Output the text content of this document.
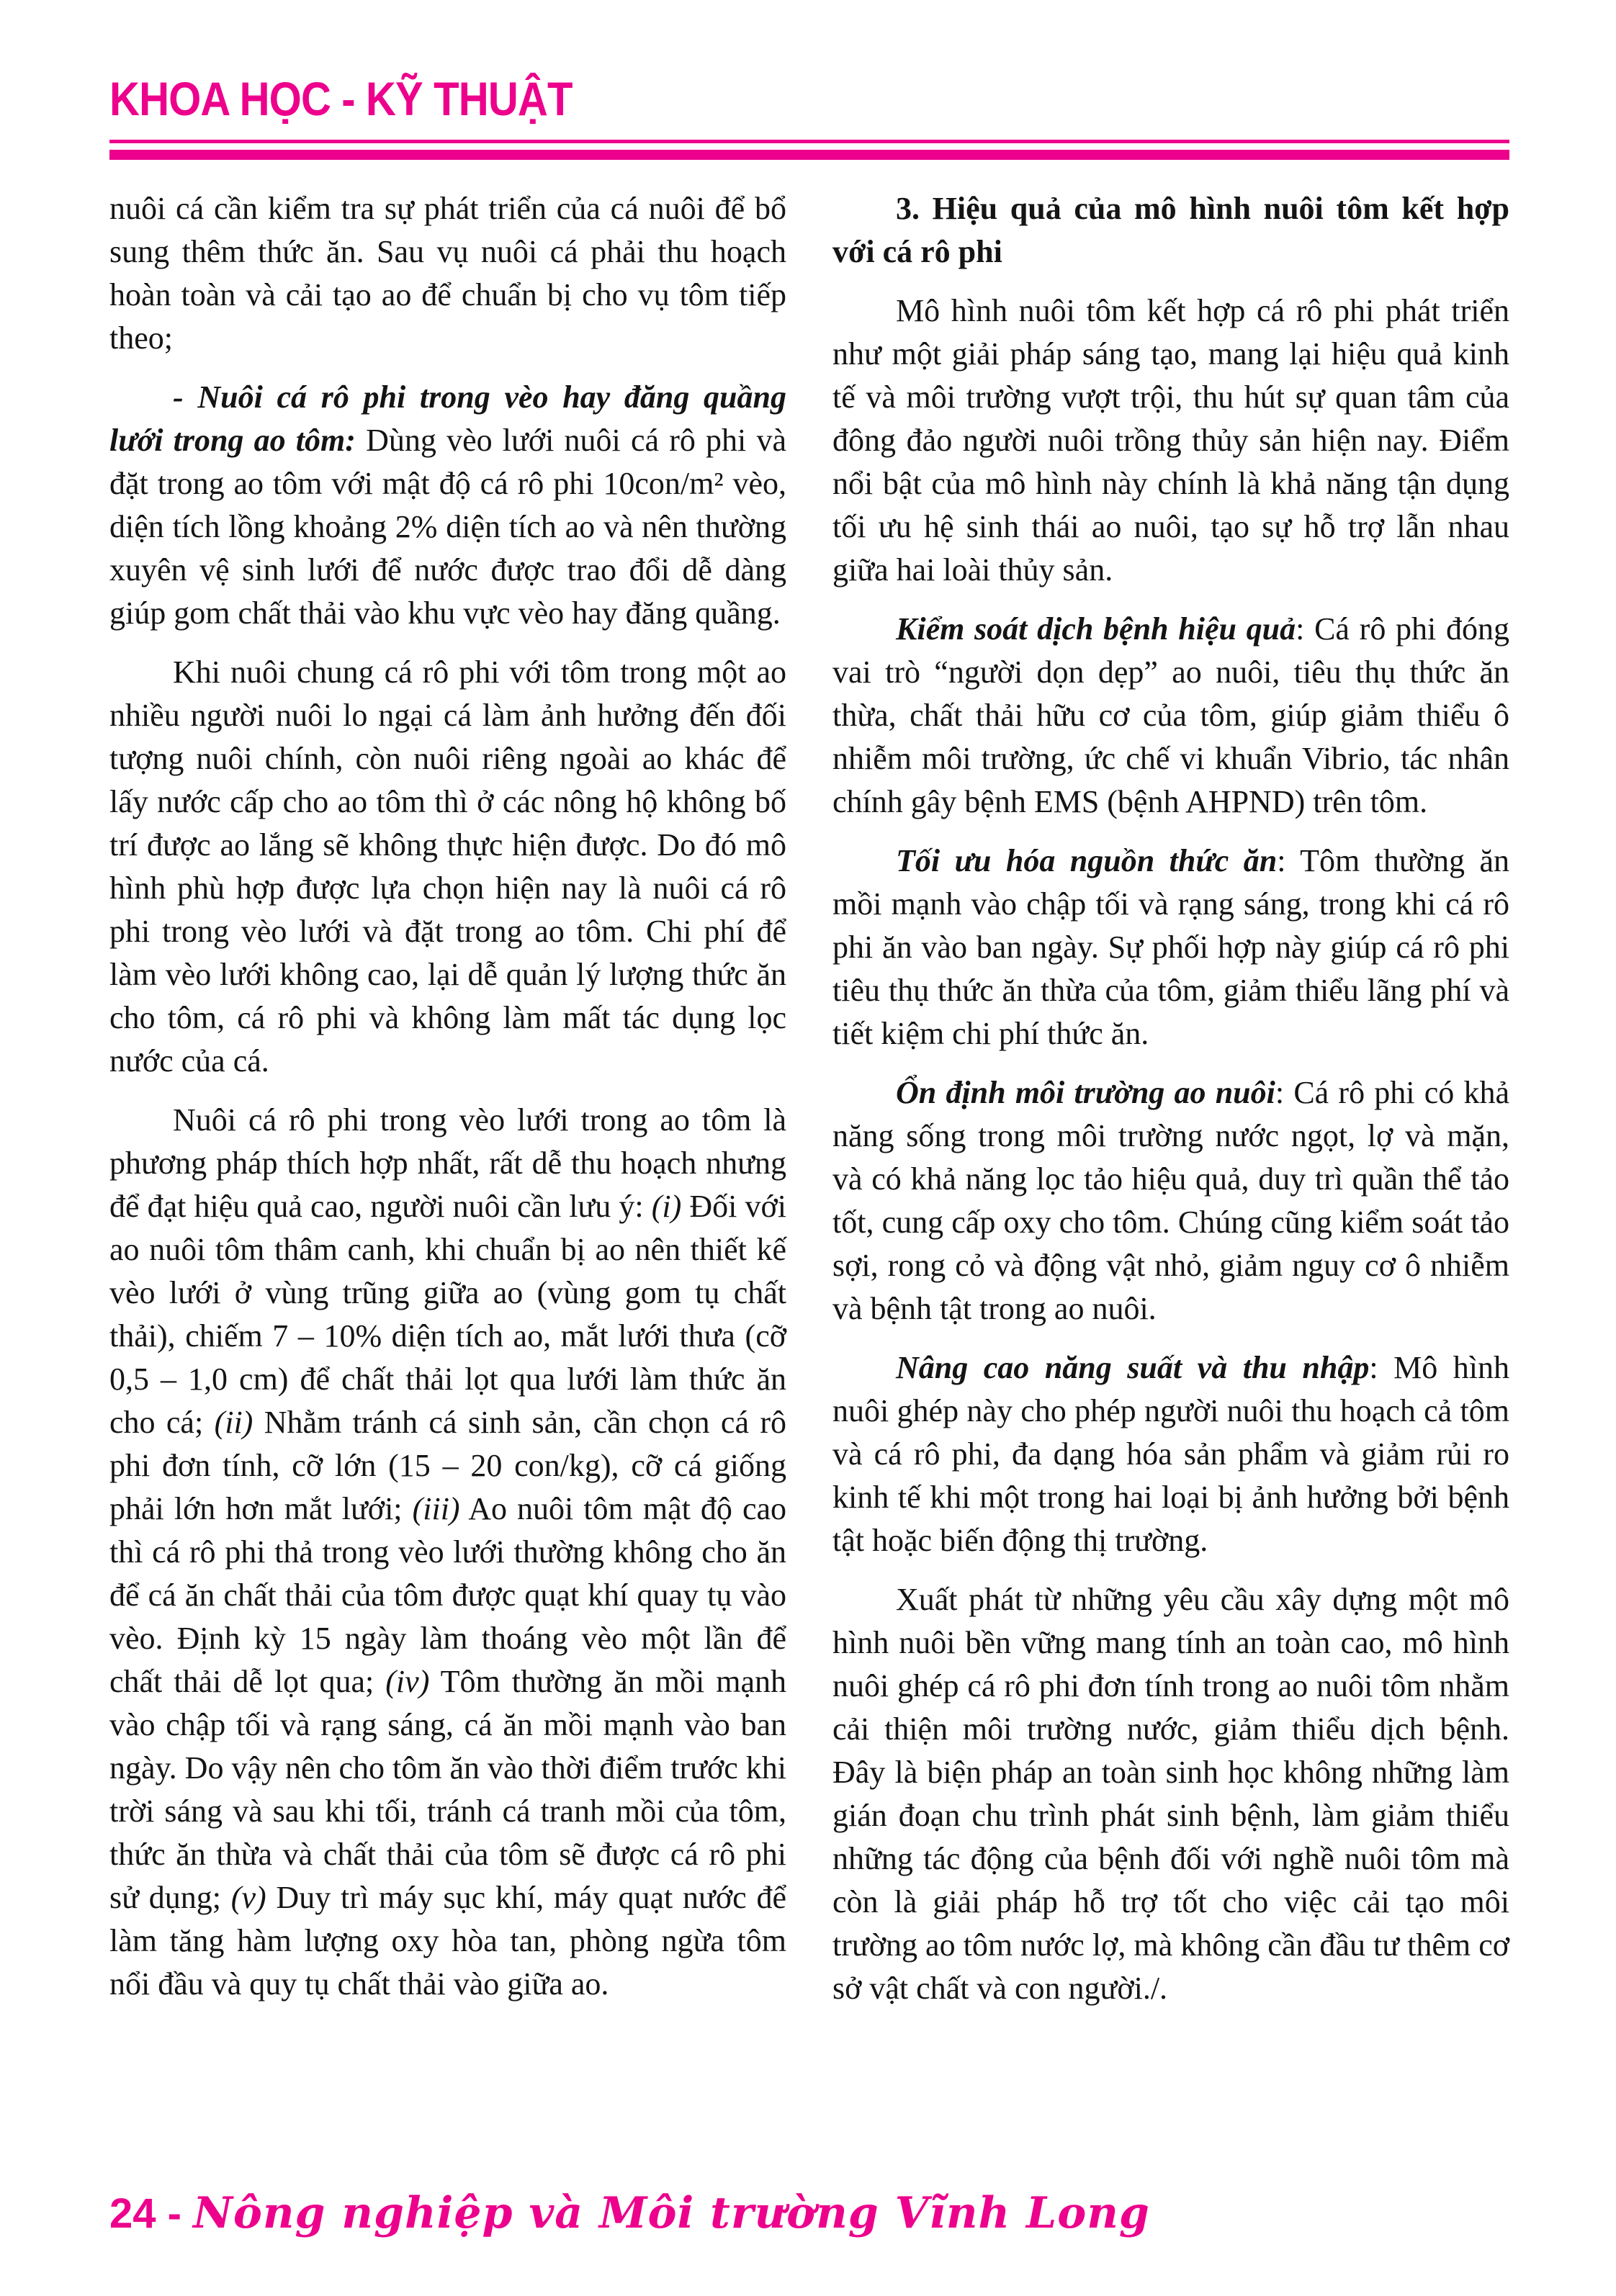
KHOA HỌC - KỸ THUẬT

nuôi cá cần kiểm tra sự phát triển của cá nuôi để bổ sung thêm thức ăn. Sau vụ nuôi cá phải thu hoạch hoàn toàn và cải tạo ao để chuẩn bị cho vụ tôm tiếp theo;

- Nuôi cá rô phi trong vèo hay đăng quầng lưới trong ao tôm: Dùng vèo lưới nuôi cá rô phi và đặt trong ao tôm với mật độ cá rô phi 10con/m² vèo, diện tích lồng khoảng 2% diện tích ao và nên thường xuyên vệ sinh lưới để nước được trao đổi dễ dàng giúp gom chất thải vào khu vực vèo hay đăng quầng.

Khi nuôi chung cá rô phi với tôm trong một ao nhiều người nuôi lo ngại cá làm ảnh hưởng đến đối tượng nuôi chính, còn nuôi riêng ngoài ao khác để lấy nước cấp cho ao tôm thì ở các nông hộ không bố trí được ao lắng sẽ không thực hiện được. Do đó mô hình phù hợp được lựa chọn hiện nay là nuôi cá rô phi trong vèo lưới và đặt trong ao tôm. Chi phí để làm vèo lưới không cao, lại dễ quản lý lượng thức ăn cho tôm, cá rô phi và không làm mất tác dụng lọc nước của cá.

Nuôi cá rô phi trong vèo lưới trong ao tôm là phương pháp thích hợp nhất, rất dễ thu hoạch nhưng để đạt hiệu quả cao, người nuôi cần lưu ý: (i) Đối với ao nuôi tôm thâm canh, khi chuẩn bị ao nên thiết kế vèo lưới ở vùng trũng giữa ao (vùng gom tụ chất thải), chiếm 7 – 10% diện tích ao, mắt lưới thưa (cỡ 0,5 – 1,0 cm) để chất thải lọt qua lưới làm thức ăn cho cá; (ii) Nhằm tránh cá sinh sản, cần chọn cá rô phi đơn tính, cỡ lớn (15 – 20 con/kg), cỡ cá giống phải lớn hơn mắt lưới; (iii) Ao nuôi tôm mật độ cao thì cá rô phi thả trong vèo lưới thường không cho ăn để cá ăn chất thải của tôm được quạt khí quay tụ vào vèo. Định kỳ 15 ngày làm thoáng vèo một lần để chất thải dễ lọt qua; (iv) Tôm thường ăn mồi mạnh vào chập tối và rạng sáng, cá ăn mồi mạnh vào ban ngày. Do vậy nên cho tôm ăn vào thời điểm trước khi trời sáng và sau khi tối, tránh cá tranh mồi của tôm, thức ăn thừa và chất thải của tôm sẽ được cá rô phi sử dụng; (v) Duy trì máy sục khí, máy quạt nước để làm tăng hàm lượng oxy hòa tan, phòng ngừa tôm nổi đầu và quy tụ chất thải vào giữa ao.

3. Hiệu quả của mô hình nuôi tôm kết hợp với cá rô phi

Mô hình nuôi tôm kết hợp cá rô phi phát triển như một giải pháp sáng tạo, mang lại hiệu quả kinh tế và môi trường vượt trội, thu hút sự quan tâm của đông đảo người nuôi trồng thủy sản hiện nay. Điểm nổi bật của mô hình này chính là khả năng tận dụng tối ưu hệ sinh thái ao nuôi, tạo sự hỗ trợ lẫn nhau giữa hai loài thủy sản.

Kiểm soát dịch bệnh hiệu quả: Cá rô phi đóng vai trò “người dọn dẹp” ao nuôi, tiêu thụ thức ăn thừa, chất thải hữu cơ của tôm, giúp giảm thiểu ô nhiễm môi trường, ức chế vi khuẩn Vibrio, tác nhân chính gây bệnh EMS (bệnh AHPND) trên tôm.

Tối ưu hóa nguồn thức ăn: Tôm thường ăn mồi mạnh vào chập tối và rạng sáng, trong khi cá rô phi ăn vào ban ngày. Sự phối hợp này giúp cá rô phi tiêu thụ thức ăn thừa của tôm, giảm thiểu lãng phí và tiết kiệm chi phí thức ăn.

Ổn định môi trường ao nuôi: Cá rô phi có khả năng sống trong môi trường nước ngọt, lợ và mặn, và có khả năng lọc tảo hiệu quả, duy trì quần thể tảo tốt, cung cấp oxy cho tôm. Chúng cũng kiểm soát tảo sợi, rong cỏ và động vật nhỏ, giảm nguy cơ ô nhiễm và bệnh tật trong ao nuôi.

Nâng cao năng suất và thu nhập: Mô hình nuôi ghép này cho phép người nuôi thu hoạch cả tôm và cá rô phi, đa dạng hóa sản phẩm và giảm rủi ro kinh tế khi một trong hai loại bị ảnh hưởng bởi bệnh tật hoặc biến động thị trường.

Xuất phát từ những yêu cầu xây dựng một mô hình nuôi bền vững mang tính an toàn cao, mô hình nuôi ghép cá rô phi đơn tính trong ao nuôi tôm nhằm cải thiện môi trường nước, giảm thiểu dịch bệnh. Đây là biện pháp an toàn sinh học không những làm gián đoạn chu trình phát sinh bệnh, làm giảm thiểu những tác động của bệnh đối với nghề nuôi tôm mà còn là giải pháp hỗ trợ tốt cho việc cải tạo môi trường ao tôm nước lợ, mà không cần đầu tư thêm cơ sở vật chất và con người./.

24 - Nông nghiệp và Môi trường Vĩnh Long
